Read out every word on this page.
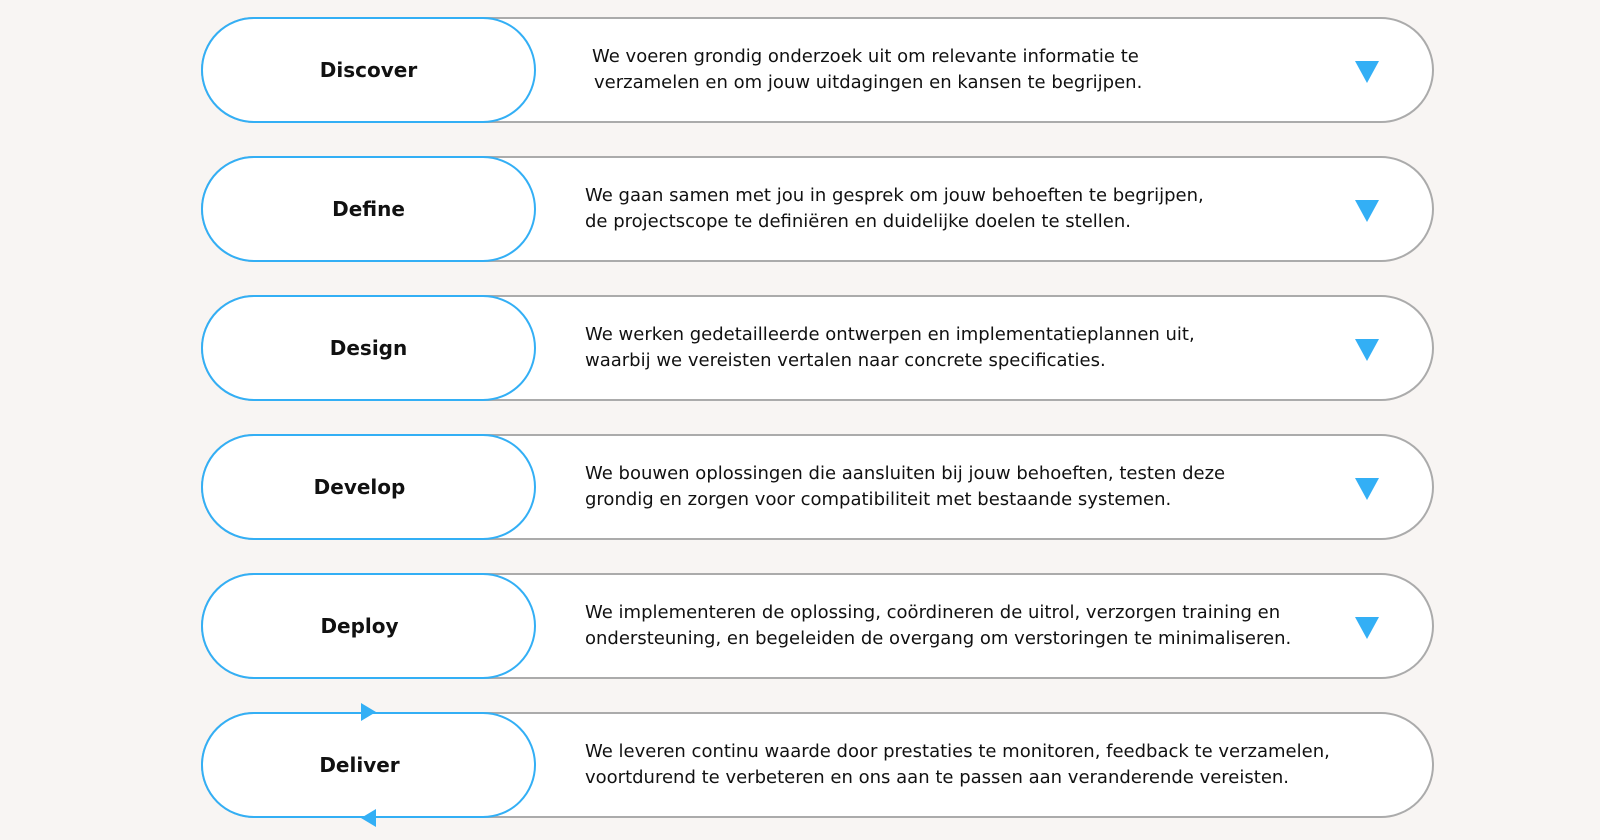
Discover
We voeren grondig onderzoek uit om relevante informatie te
verzamelen en om jouw uitdagingen en kansen te begrijpen.
Define
We gaan samen met jou in gesprek om jouw behoeften te begrijpen,
de projectscope te definiëren en duidelijke doelen te stellen.
Design
We werken gedetailleerde ontwerpen en implementatieplannen uit,
waarbij we vereisten vertalen naar concrete specificaties.
Develop
We bouwen oplossingen die aansluiten bij jouw behoeften, testen deze
grondig en zorgen voor compatibiliteit met bestaande systemen.
Deploy
We implementeren de oplossing, coördineren de uitrol, verzorgen training en
ondersteuning, en begeleiden de overgang om verstoringen te minimaliseren.
Deliver
We leveren continu waarde door prestaties te monitoren, feedback te verzamelen,
voortdurend te verbeteren en ons aan te passen aan veranderende vereisten.
